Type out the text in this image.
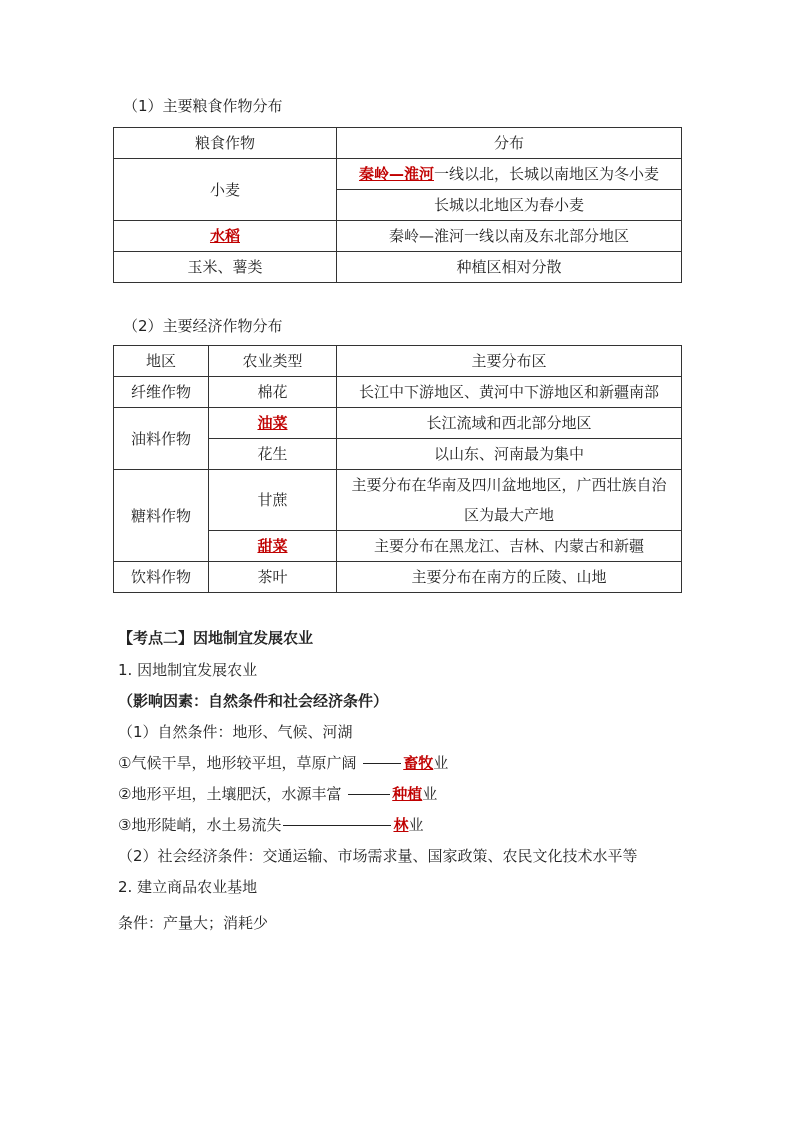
（1）主要粮食作物分布
粮食作物	分布
小麦	秦岭—淮河一线以北，长城以南地区为冬小麦
	长城以北地区为春小麦
水稻	秦岭—淮河一线以南及东北部分地区
玉米、薯类	种植区相对分散
（2）主要经济作物分布
地区	农业类型	主要分布区
纤维作物	棉花	长江中下游地区、黄河中下游地区和新疆南部
油料作物	油菜	长江流域和西北部分地区
	花生	以山东、河南最为集中
糖料作物	甘蔗	主要分布在华南及四川盆地地区，广西壮族自治
区为最大产地

	甜菜	主要分布在黑龙江、吉林、内蒙古和新疆
饮料作物	茶叶	主要分布在南方的丘陵、山地
【考点二】因地制宜发展农业
1. 因地制宜发展农业
（影响因素：自然条件和社会经济条件）
（1）自然条件：地形、气候、河湖
①气候干旱，地形较平坦，草原广阔	畜牧业
②地形平坦，土壤肥沃，水源丰富	种植业
③地形陡峭，水土易流失	林业
（2）社会经济条件：交通运输、市场需求量、国家政策、农民文化技术水平等
2. 建立商品农业基地
条件：产量大；消耗少
